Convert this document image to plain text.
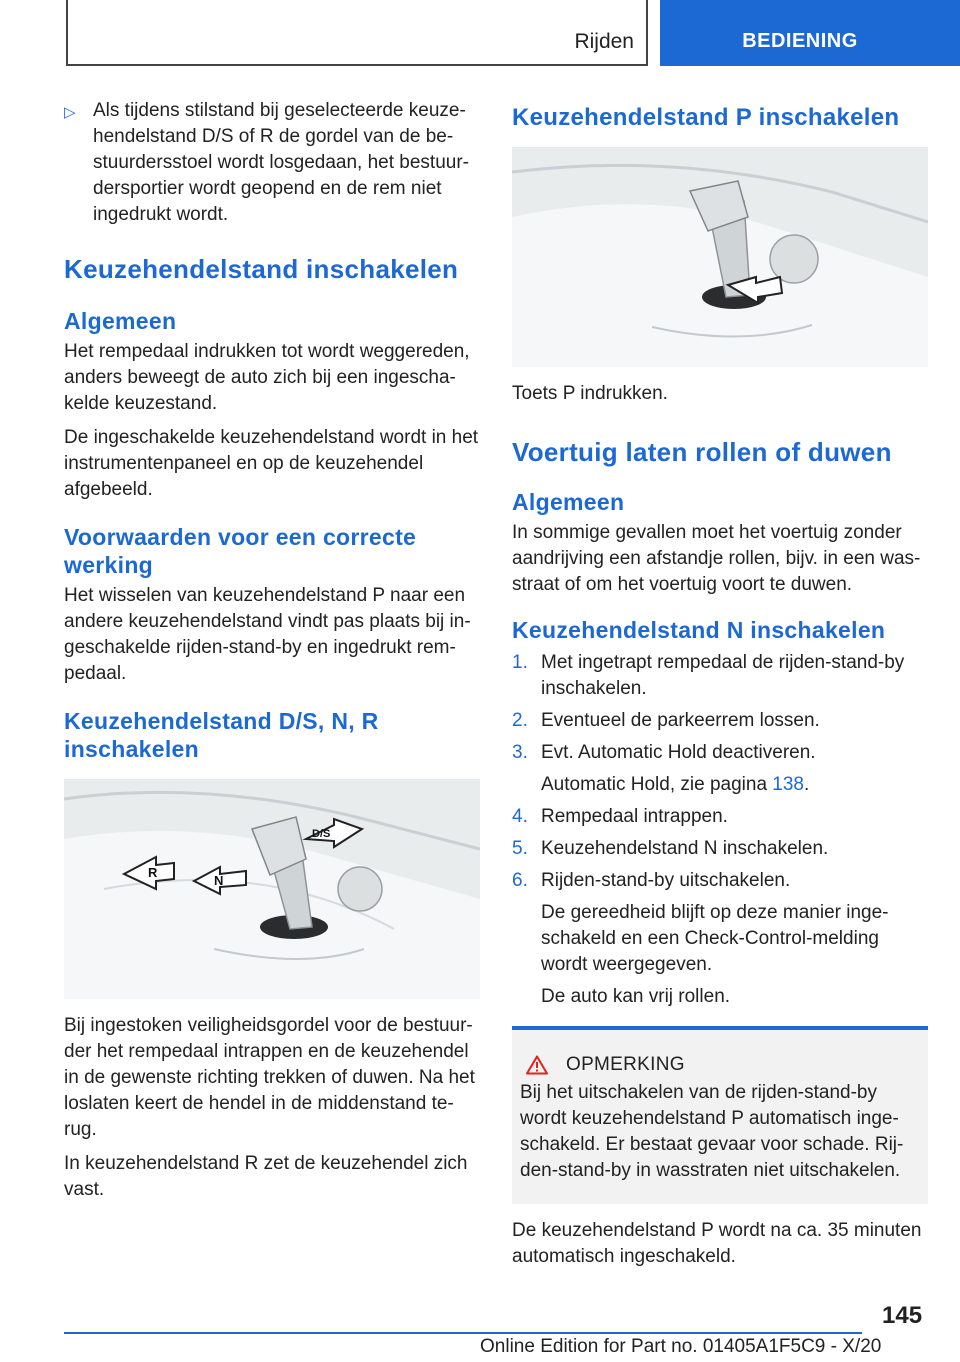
Rijden	BEDIENING
▷ Als tijdens stilstand bij geselecteerde keuze-hendelstand D/S of R de gordel van de be-stuurdersstoel wordt losgedaan, het bestuur-dersportier wordt geopend en de rem niet ingedrukt wordt.
Keuzehendelstand inschakelen
Algemeen
Het rempedaal indrukken tot wordt weggereden, anders beweegt de auto zich bij een ingescha-kelde keuzestand.
De ingeschakelde keuzehendelstand wordt in het instrumentenpaneel en op de keuzehendel afgebeeld.
Voorwaarden voor een correcte werking
Het wisselen van keuzehendelstand P naar een andere keuzehendelstand vindt pas plaats bij in-geschakelde rijden-stand-by en ingedrukt rem-pedaal.
Keuzehendelstand D/S, N, R inschakelen
R
N
D/S
Bij ingestoken veiligheidsgordel voor de bestuur-der het rempedaal intrappen en de keuzehendel in de gewenste richting trekken of duwen. Na het loslaten keert de hendel in de middenstand te-rug.
In keuzehendelstand R zet de keuzehendel zich vast.
Keuzehendelstand P inschakelen
Toets P indrukken.
Voertuig laten rollen of duwen
Algemeen
In sommige gevallen moet het voertuig zonder aandrijving een afstandje rollen, bijv. in een was-straat of om het voertuig voort te duwen.
Keuzehendelstand N inschakelen
1. Met ingetrapt rempedaal de rijden-stand-by inschakelen.
2. Eventueel de parkeerrem lossen.
3. Evt. Automatic Hold deactiveren.
Automatic Hold, zie pagina 138.
4. Rempedaal intrappen.
5. Keuzehendelstand N inschakelen.
6. Rijden-stand-by uitschakelen.
De gereedheid blijft op deze manier inge-schakeld en een Check-Control-melding wordt weergegeven.
De auto kan vrij rollen.
OPMERKING
Bij het uitschakelen van de rijden-stand-by wordt keuzehendelstand P automatisch inge-schakeld. Er bestaat gevaar voor schade. Rij-den-stand-by in wasstraten niet uitschakelen.
De keuzehendelstand P wordt na ca. 35 minuten automatisch ingeschakeld.
145
Online Edition for Part no. 01405A1F5C9 - X/20
